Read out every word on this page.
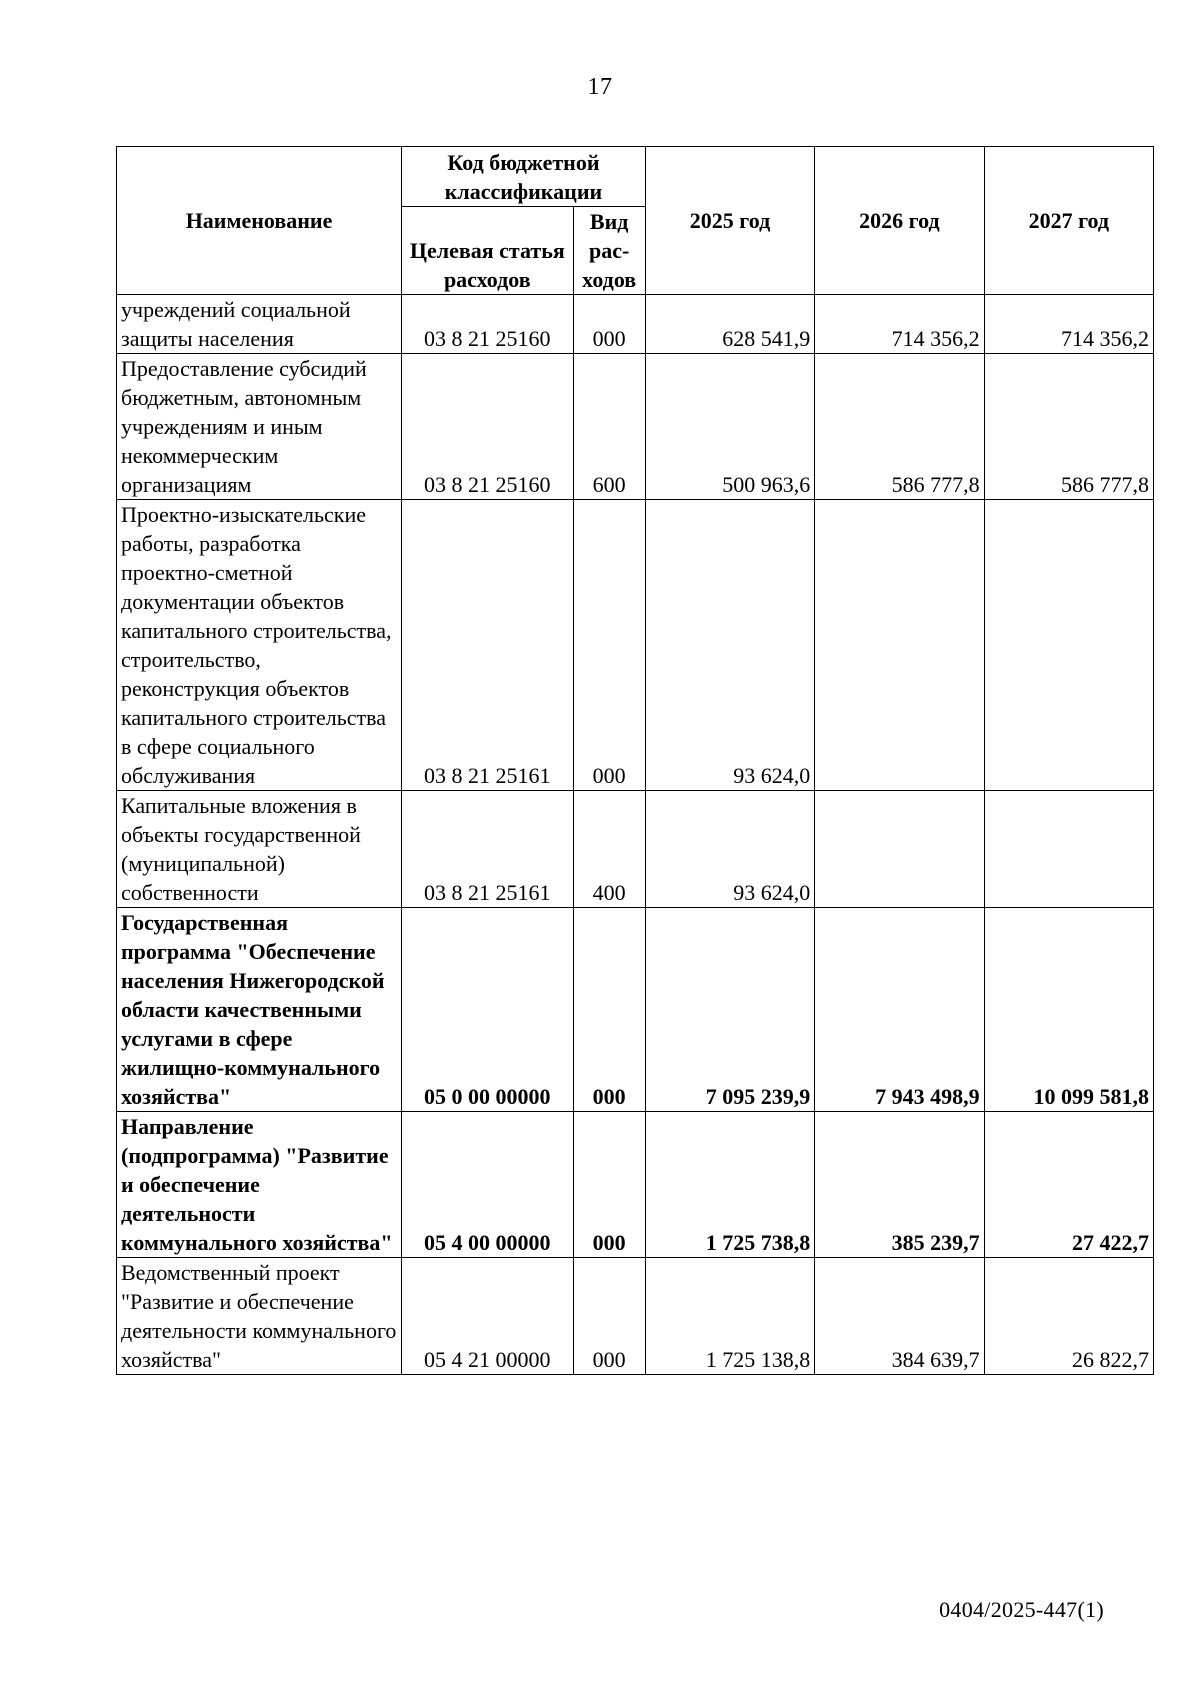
17
Наименование	Код бюджетной классификации		2025 год	2026 год	2027 год
	Целевая статья расходов	Вид рас-ходов			
учреждений социальной защиты населения	03 8 21 25160	000	628 541,9	714 356,2	714 356,2
Предоставление субсидий бюджетным, автономным учреждениям и иным некоммерческим организациям	03 8 21 25160	600	500 963,6	586 777,8	586 777,8
Проектно-изыскательские работы, разработка проектно-сметной документации объектов капитального строительства, строительство, реконструкция объектов капитального строительства в сфере социального обслуживания	03 8 21 25161	000	93 624,0		
Капитальные вложения в объекты государственной (муниципальной) собственности	03 8 21 25161	400	93 624,0		
Государственная программа "Обеспечение населения Нижегородской области качественными услугами в сфере жилищно-коммунального хозяйства"	05 0 00 00000	000	7 095 239,9	7 943 498,9	10 099 581,8
Направление (подпрограмма) "Развитие и обеспечение деятельности коммунального хозяйства"	05 4 00 00000	000	1 725 738,8	385 239,7	27 422,7
Ведомственный проект "Развитие и обеспечение деятельности коммунального хозяйства"	05 4 21 00000	000	1 725 138,8	384 639,7	26 822,7
0404/2025-447(1)
